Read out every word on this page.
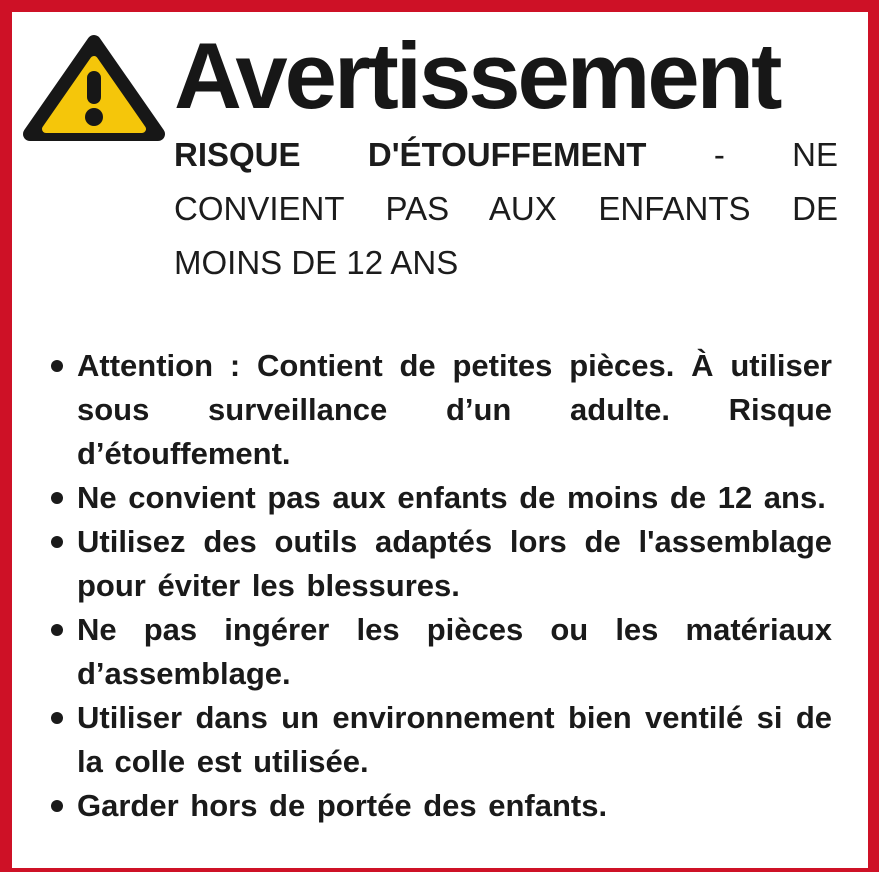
Avertissement
RISQUE D'ÉTOUFFEMENT - NE
CONVIENT PAS AUX ENFANTS DE
MOINS DE 12 ANS
Attention : Contient de petites pièces. À utiliser sous surveillance d’un adulte. Risque d’étouffement.
Ne convient pas aux enfants de moins de 12 ans.
Utilisez des outils adaptés lors de l'assemblage pour éviter les blessures.
Ne pas ingérer les pièces ou les matériaux d’assemblage.
Utiliser dans un environnement bien ventilé si de la colle est utilisée.
Garder hors de portée des enfants.
